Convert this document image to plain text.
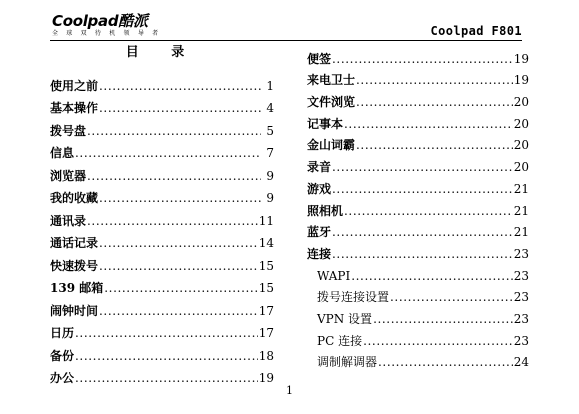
Coolpad酷派
全 球 双 待 机 领 导 者	Coolpad F801
目 录
使用之前 .....	1
基本操作 .....	4
拨号盘 .....	5
信息 .....	7
浏览器 .....	9
我的收藏 .....	9
通讯录 .....	11
通话记录 .....	14
快速拨号 .....	15
139 邮箱 .....	15
闹钟时间 .....	17
日历 .....	17
备份 .....	18
办公 .....	19
便签 .....	19
来电卫士 .....	19
文件浏览 .....	20
记事本 .....	20
金山词霸 .....	20
录音 .....	20
游戏 .....	21
照相机 .....	21
蓝牙 .....	21
连接 .....	23
WAPI .....	23
拨号连接设置 .....	23
VPN 设置 .....	23
PC 连接 .....	23
调制解调器 .....	24
1
